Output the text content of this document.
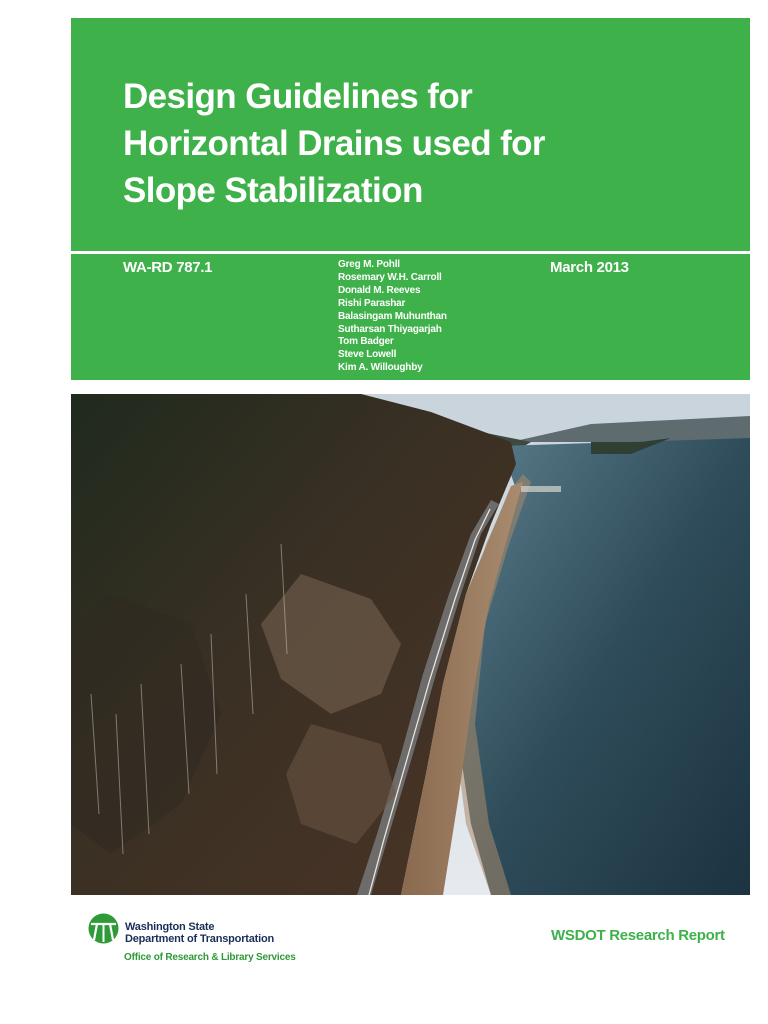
Design Guidelines for
Horizontal Drains used for
Slope Stabilization
WA-RD 787.1	Greg M. Pohll
Rosemary W.H. Carroll
Donald M. Reeves
Rishi Parashar
Balasingam Muhunthan
Sutharsan Thiyagarjah
Tom Badger
Steve Lowell
Kim A. Willoughby
March 2013
Washington State
Department of Transportation
Office of Research & Library Services
WSDOT Research Report
